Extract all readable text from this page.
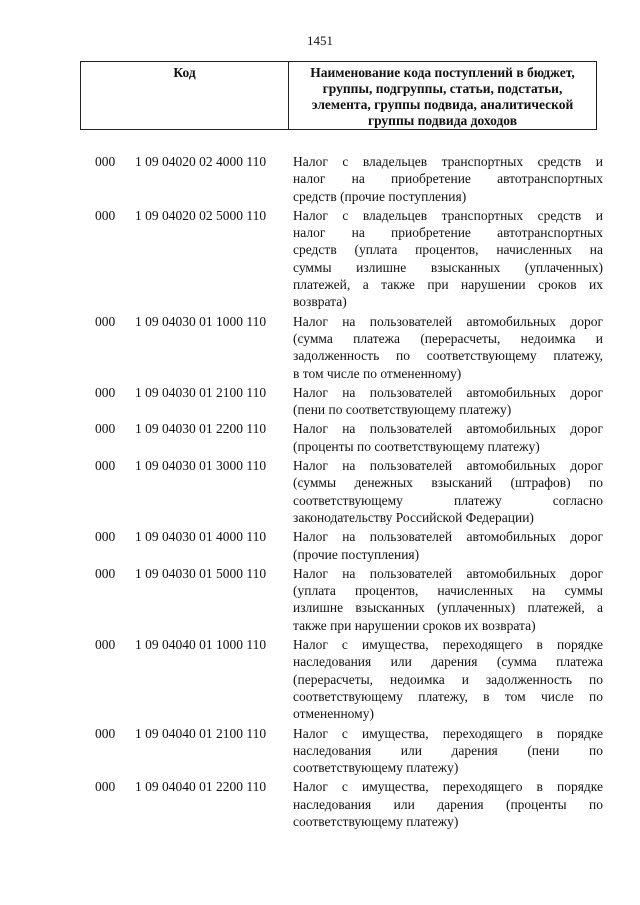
1451
Код	Наименование кода поступлений в бюджет,
группы, подгруппы, статьи, подстатьи,
элемента, группы подвида, аналитической
группы подвида доходов
000	1 09 04020 02 4000 110	Налог с владельцев транспортных средств и
налог на приобретение автотранспортных
средств (прочие поступления)
000	1 09 04020 02 5000 110	Налог с владельцев транспортных средств и
налог на приобретение автотранспортных
средств (уплата процентов, начисленных на
суммы излишне взысканных (уплаченных)
платежей, а также при нарушении сроков их
возврата)
000	1 09 04030 01 1000 110	Налог на пользователей автомобильных дорог
(сумма платежа (перерасчеты, недоимка и
задолженность по соответствующему платежу,
в том числе по отмененному)
000	1 09 04030 01 2100 110	Налог на пользователей автомобильных дорог
(пени по соответствующему платежу)
000	1 09 04030 01 2200 110	Налог на пользователей автомобильных дорог
(проценты по соответствующему платежу)
000	1 09 04030 01 3000 110	Налог на пользователей автомобильных дорог
(суммы денежных взысканий (штрафов) по
соответствующему платежу согласно
законодательству Российской Федерации)
000	1 09 04030 01 4000 110	Налог на пользователей автомобильных дорог
(прочие поступления)
000	1 09 04030 01 5000 110	Налог на пользователей автомобильных дорог
(уплата процентов, начисленных на суммы
излишне взысканных (уплаченных) платежей, а
также при нарушении сроков их возврата)
000	1 09 04040 01 1000 110	Налог с имущества, переходящего в порядке
наследования или дарения (сумма платежа
(перерасчеты, недоимка и задолженность по
соответствующему платежу, в том числе по
отмененному)
000	1 09 04040 01 2100 110	Налог с имущества, переходящего в порядке
наследования или дарения (пени по
соответствующему платежу)
000	1 09 04040 01 2200 110	Налог с имущества, переходящего в порядке
наследования или дарения (проценты по
соответствующему платежу)
